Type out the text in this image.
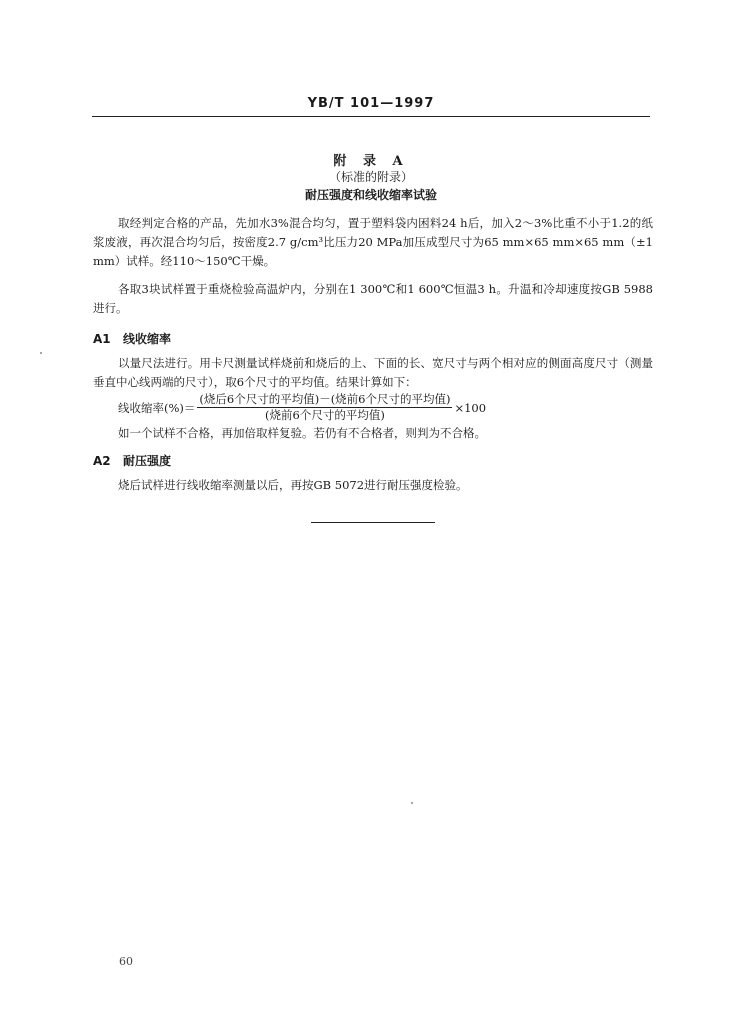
YB/T 101—1997
附 录 A
（标准的附录）
耐压强度和线收缩率试验

取经判定合格的产品，先加水3%混合均匀，置于塑料袋内困料24 h后，加入2～3%比重不小于1.2的纸浆废液，再次混合均匀后，按密度2.7 g/cm³比压力20 MPa加压成型尺寸为65 mm×65 mm×65 mm（±1 mm）试样。经110～150℃干燥。

各取3块试样置于重烧检验高温炉内，分别在1 300℃和1 600℃恒温3 h。升温和冷却速度按GB 5988进行。

A1 线收缩率

以量尺法进行。用卡尺测量试样烧前和烧后的上、下面的长、宽尺寸与两个相对应的侧面高度尺寸（测量垂直中心线两端的尺寸），取6个尺寸的平均值。结果计算如下：

线收缩率(%)＝ $\frac{\text{(烧后6个尺寸的平均值)－(烧前6个尺寸的平均值)}}{\text{(烧前6个尺寸的平均值)}} \times 100$

如一个试样不合格，再加倍取样复验。若仍有不合格者，则判为不合格。

A2 耐压强度

烧后试样进行线收缩率测量以后，再按GB 5072进行耐压强度检验。

60
